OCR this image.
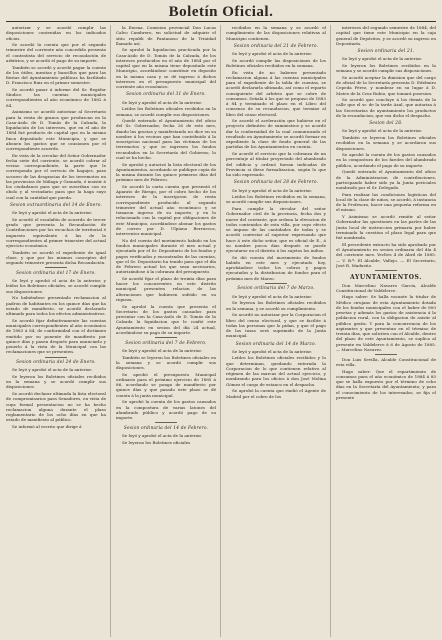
Boletín Oficial.

autorizar y se acordó cumplir las disposiciones contenidas en los indicados oficios.

Se acordó la cuenta que por el segundo trimestre del corriente año concedido presenta el contratista del servicio de recaudación de arbitrios, y se acordó el pago de su importe.

También se acordó y acordó pagar la cuenta de los útiles, mesitas y bancillos que para las fiestas del Ayuntamiento públicas ha facilitado D. Francisco Ruiz en el primer semestre.

Se acordó pasar á informe del Sr. Regidor Síndico las cuentas municipales correspondientes al año económico de 1882 á 84.

Asimismo se acordó autorizar al Secretario para la venta de granos que produzcan en la Casa-Asilo de D. Tomás de la Calzada, la liquidación de los intereses, que en el año de 1884 fué producto de capital que en la misma finca depositado este Municipio, y que se abonen los gastos que se ocasionen por el correspondiente acuerdo.

En vista de la circular del Señor Gobernador fecha siete del corriente, se acordó cobrar al vecino correspondiente, la parte que le corresponda por el servicio de bagajes, para socorro de las desgracias de los terremotos en las provincias de Málaga y Granada, é insistir á los ciudadanos para que se suscriban con su obolo y al vecindario para que la haga suyo cual con la cantidad que pueda.

Sesion extraordinaria del 14 de Enero.

Se leyó y aprobó el acta de la anterior.

Se acordó el escalafón de acuerdo de tercer grado que presenta la Recaudación de Contribuciones por los escuchos de territorial é impuesto equivalente á las de la correspondientes al primer trimestre del actual ejercicio económico.

También se acordó el expediente de igual clase, y que por los mismos conceptos del segundo trimestre presenta dicha Recaudación.

Sesion ordinaria del 17 de Enero.

Se leyó y aprobó el acta de la anterior, y leídos los Boletines oficiales, se acordó cumplir sus disposiciones.

No habiéndose presentado reclamacion al padron de habitantes en los quince días que ha estado de manifiesto, se acordó declararlo ultimado para todos los efectos administrativos.

Se acordó fijar definitivamente las cuentas municipales correspondientes al año económico de 1883 á 84, de conformidad con el dictámen emitido por su ponente de manifiesto por quince días y pasen después para anunciarlo y ponerlo á la vista de la Municipal con las reclamaciones que se presenten.

Sesion ordinaria del 24 de Enero.

Se leyó y aprobó el acta de la anterior.

Se leyeron los Boletines oficiales recibidos en la semana y se acordó cumplir sus disposiciones.

Se acordó declarar ultimada la lista electoral de compromisarios para Senadores, en vista de cuya formal presentacion no se ha hecho reclamacion alguna durante el plazo reglamentario de los ocho días en que ha estado de manifiesto al público.

Se informó al escrito que dirige á

la Excma. Comision provincial Don Lucas Calvo Cambrero, en solicitud de adquirir el sitio republi de Pantanoso de la Trinidad llamado así.

Se aprobó la liquidacion practicada por la Casa-Asilo de D. Tomás de la Calzada, de los intereses producidos en el año de 1884 por el capital que en la misma tiene depositado este Municipio, acordándose constituir en deposito en la misma casa y se dé ingreso á dichos intereses en el presupuesto municipal del corriente año económico.

Sesion ordinaria del 31 de Enero.

Se leyó y aprobó el acta de la anterior.

Leídos los Boletines oficiales recibidos en la semana, se acordó cumplir sus disposiciones.

Quedó enterado el Ayuntamiento del oficio del Sr. Gobernador, fecha 26 de este mes, dando las gracias y manifestando no dice en su nombre á los vecinos que han contribuido á la suscripcion nacional para las víctimas de los terremotos y que se ingresen los fondos recaudados en la Secretaría del Gobierno, lo cual se ha hecho.

Se aprobó y autorizó la lista electoral de los Ayuntamientos, acordando se publique copia de la misma durante los quince primeros días del próximo mes de Febrero.

Se acordó la carta cuenta que presentó el Aparato de Riesgo, por el cobro hecho de los intereses de la inscripcion de renta correspondiente producido al segundo trimestre del actual año económico y se tomaron ingreso de su importe, y en lo relacionado con la capital por obligaciones de este Municipio, acordándose abonar los gastos de correo por D. Ulpiano Berruecos, interventor municipal.

No del cuenta del movimiento habido en los fondos municipales durante el mes actual y ejecutado por el Sr. Depositario de los fondos y pagos verificados y encontrados de las cuentas, que el Sr. Depositario ha tenido para que el día de Febrero actual los que sean necesarios, autorizándose á la cobranza del presupuesto.

Se acordó fijar el plazo de treinta días para hacer los concurrentes en este distrito municipal presenten relacion de las alteraciones que hubiesen sufrido en su riqueza.

Se aprobó la cuenta que presenta el Secretario de los gastos causados para precintar con la Casa-Asilo de D. Tomás de la Calzada la liquidacion que le confió este Ayuntamiento en sesion del día 24 actual, acordándose su pago de su importe.

Sesion ordinaria del 7 de Febrero.

Se leyó y aprobó el acta de la anterior.

También se leyeron los Boletines oficiales en la semana y se acordó cumplir sus disposiciones.

Se aprobó el presupuesto Municipal ordinario para el próximo ejercicio de 1885 á 86, acordando se ponga de manifiesto por quince días y que pasado este plazo se dé cuenta á la junta municipal.

Se aprobó la cuenta de los gastos causados en la compostura de varias latones del alumbrado público y acordó pago de su importe.

Sesion ordinaria del 14 de Febrero.

Se leyó y aprobó el acta de la anterior.

Se leyeron los Boletines oficiales

recibidos en la semana y se acordó el cumplimiento de las disposiciones relativas al Municipio contienen.

Sesion ordinaria del 21 de Febrero.

Se leyó y aprobó el acta de la anterior.

Se acordó cumplir las disposiciones de los Boletines oficiales recibidos en la semana.

En vista de no haberse presentado reclamacion alguna á las cuentas municipales para el expediente de la tabla de cuentas, se acordó declararla ultimada, así como el reparto consiguiente del arbitrio que se cobre de consumos. Señala á los que se propuso de 1883 á 84 y terminado el plazo en el Libro del consenso de su recaudacion, que termine al libro del censo electoral.

Se acordó el aceleración que hubiese en el proyecto definitivo de suministros y se acordó dar la conformidad de la cual comunicando el resultado en Ayuntamiento se acordó formar en expediente la clase de fondo general de las partidas de los Ayuntamientos en cuenta.

Se acordó el servicio que la cobranza de un porcentaje al titular proyectado del alumbrado del edificio y ordenó fueran indicadas de Provincia si diese formalizacion, según lo que ha sido expresado.

Sesion ordinaria del 28 de Febrero.

Se leyó y aprobó el acta de la anterior.

Leídos los Boletines recibidos en la semana, se acordó cumplir sus disposiciones.

Para cumplir la circular del señor Gobernador civil de la provincia, fecha dos y nueve del corriente, que ordena la elevacion de todos contenidos de esta villa, por cuyo efecto se impuso de las cantidades de todas y se acordó contestar al superior expresando que hace á este dicho señor, que es oficial de E., á su nombre pocos dias después se puede ejecutarse en el distrito á los sujetos los indios.

Se dió cuenta del movimiento de fondos habido en este mes y ejecutado hoy, aprobándose todos los cobros y pagos ejecutados y la distribucion de fondos para el próximo mes de Marzo.

Sesion ordinaria del 7 de Marzo.

Se leyó y aprobó el acta de la anterior.

Se leyeron los Boletines oficiales recibidos en la semana, y se acordó su cumplimiento.

Se acordó no autorizar por la Corporacion el libro del censo electoral, y que se facilite á todas las personas que lo pidan, y que el pago de las tasas será suprimido de la Junta municipal.

Sesion ordinaria del 14 de Marzo.

Se leyó y aprobó el acta de la anterior.

Leídos los Boletines oficiales recibidos y lo que determinan, quedando enterada la Corporacion de lo que contienen relativo al régimen de las marcas del actual ejercicio, y nombrando para los oficios á don José Molina Gómez el cargo de estanco en el despacho.

Se aprobó la cuenta que rindió el Agente de Madrid por el cobro de los

intereses del segundo semestre de 1884, del capital que tiene este Municipio en la caja general de Depósitos, y se acordó su ingreso en Depositaría.

Sesion ordinaria del 21.

Se leyó y aprobó el acta de la anterior.

Se leyeron los Boletines recibidos en la semana y se acordó cumplir sus disposiciones.

Se acordó aceptar la dimision que del cargo de oficial de la Secretaría presenta D. Edelmiro Cepeda Pérez, y nombrar en su lugar á D. Mateo de la Cruz Rubio, que tomará posesion.

Se acordó que concluye á los demás de la calle que el sr. de la tarde Azul, que autoriza á las Secretarías de ayuntamiento los productos de la recaudacion, que sea dicho el despacho.

Sesion del 28.

Se leyó y aprobó el acta de la anterior.

También se leyeron los Boletines oficiales recibidos en la semana y se acordaron sus disposiciones.

Se aprobó la cuenta de los gastos causados en la compostura de los faroles del alumbrado público, acordando el pago de su importe.

Quedó enterado el Ayuntamiento del oficio de la Administracion de contribuciones, participando haber sido ya la Junta periciales nombrado por el Sr. Delegado.

Para realizar las condiciones logísticas del local de la clase de niños, se acordó, á instancia de la Profesora, hacer una pequeña reforma en el mismo.

Y Asimismo se acordó remitir al señor Gobernador las questiones en las partes de las Junta local de instruccion primaria por haber terminado la cuestion el plazo legal para que fué nombrada.

El precedente extracto ha sido aprobado por el Ayuntamiento en sesion ordinaria del día 4 del corriente mes. Yecltes 4 de Abril de 1885. — V. B.º: El Alcalde, Vallejo. — El Secretario, José R. Madueño.

AYUNTAMIENTOS.

Don Marcelino Navarro García, Alcalde Constitucional de Valdelerce.

Hago saber: Se halla vacante la titular de Médico cirujano de esta Ayuntamiento dotada de los fondos municipales con el haber de 800 pesetas y además los gastos de asistencia á la poblacion rural, con la obligacion de asistir al público gratis. Y para la concurrencia de los aspirantes y que presentan en el término de treinta días, que soliciten con el Alcalde, dentro del plazo de este Ayuntamiento, se suplica al presente en Valdelerce á 6 de Agosto de 1885. — Marcelino Navarro.

Don Luis Sevilla, Alcalde Constitucional de esta villa.

Hago saber: Que el repartimiento de consumos para el año económico de 1884 á 85 que se halla expuesto por el término de ocho días en la Secretaría del Ayuntamiento; y para el conocimiento de los interesados, se fija el presente
